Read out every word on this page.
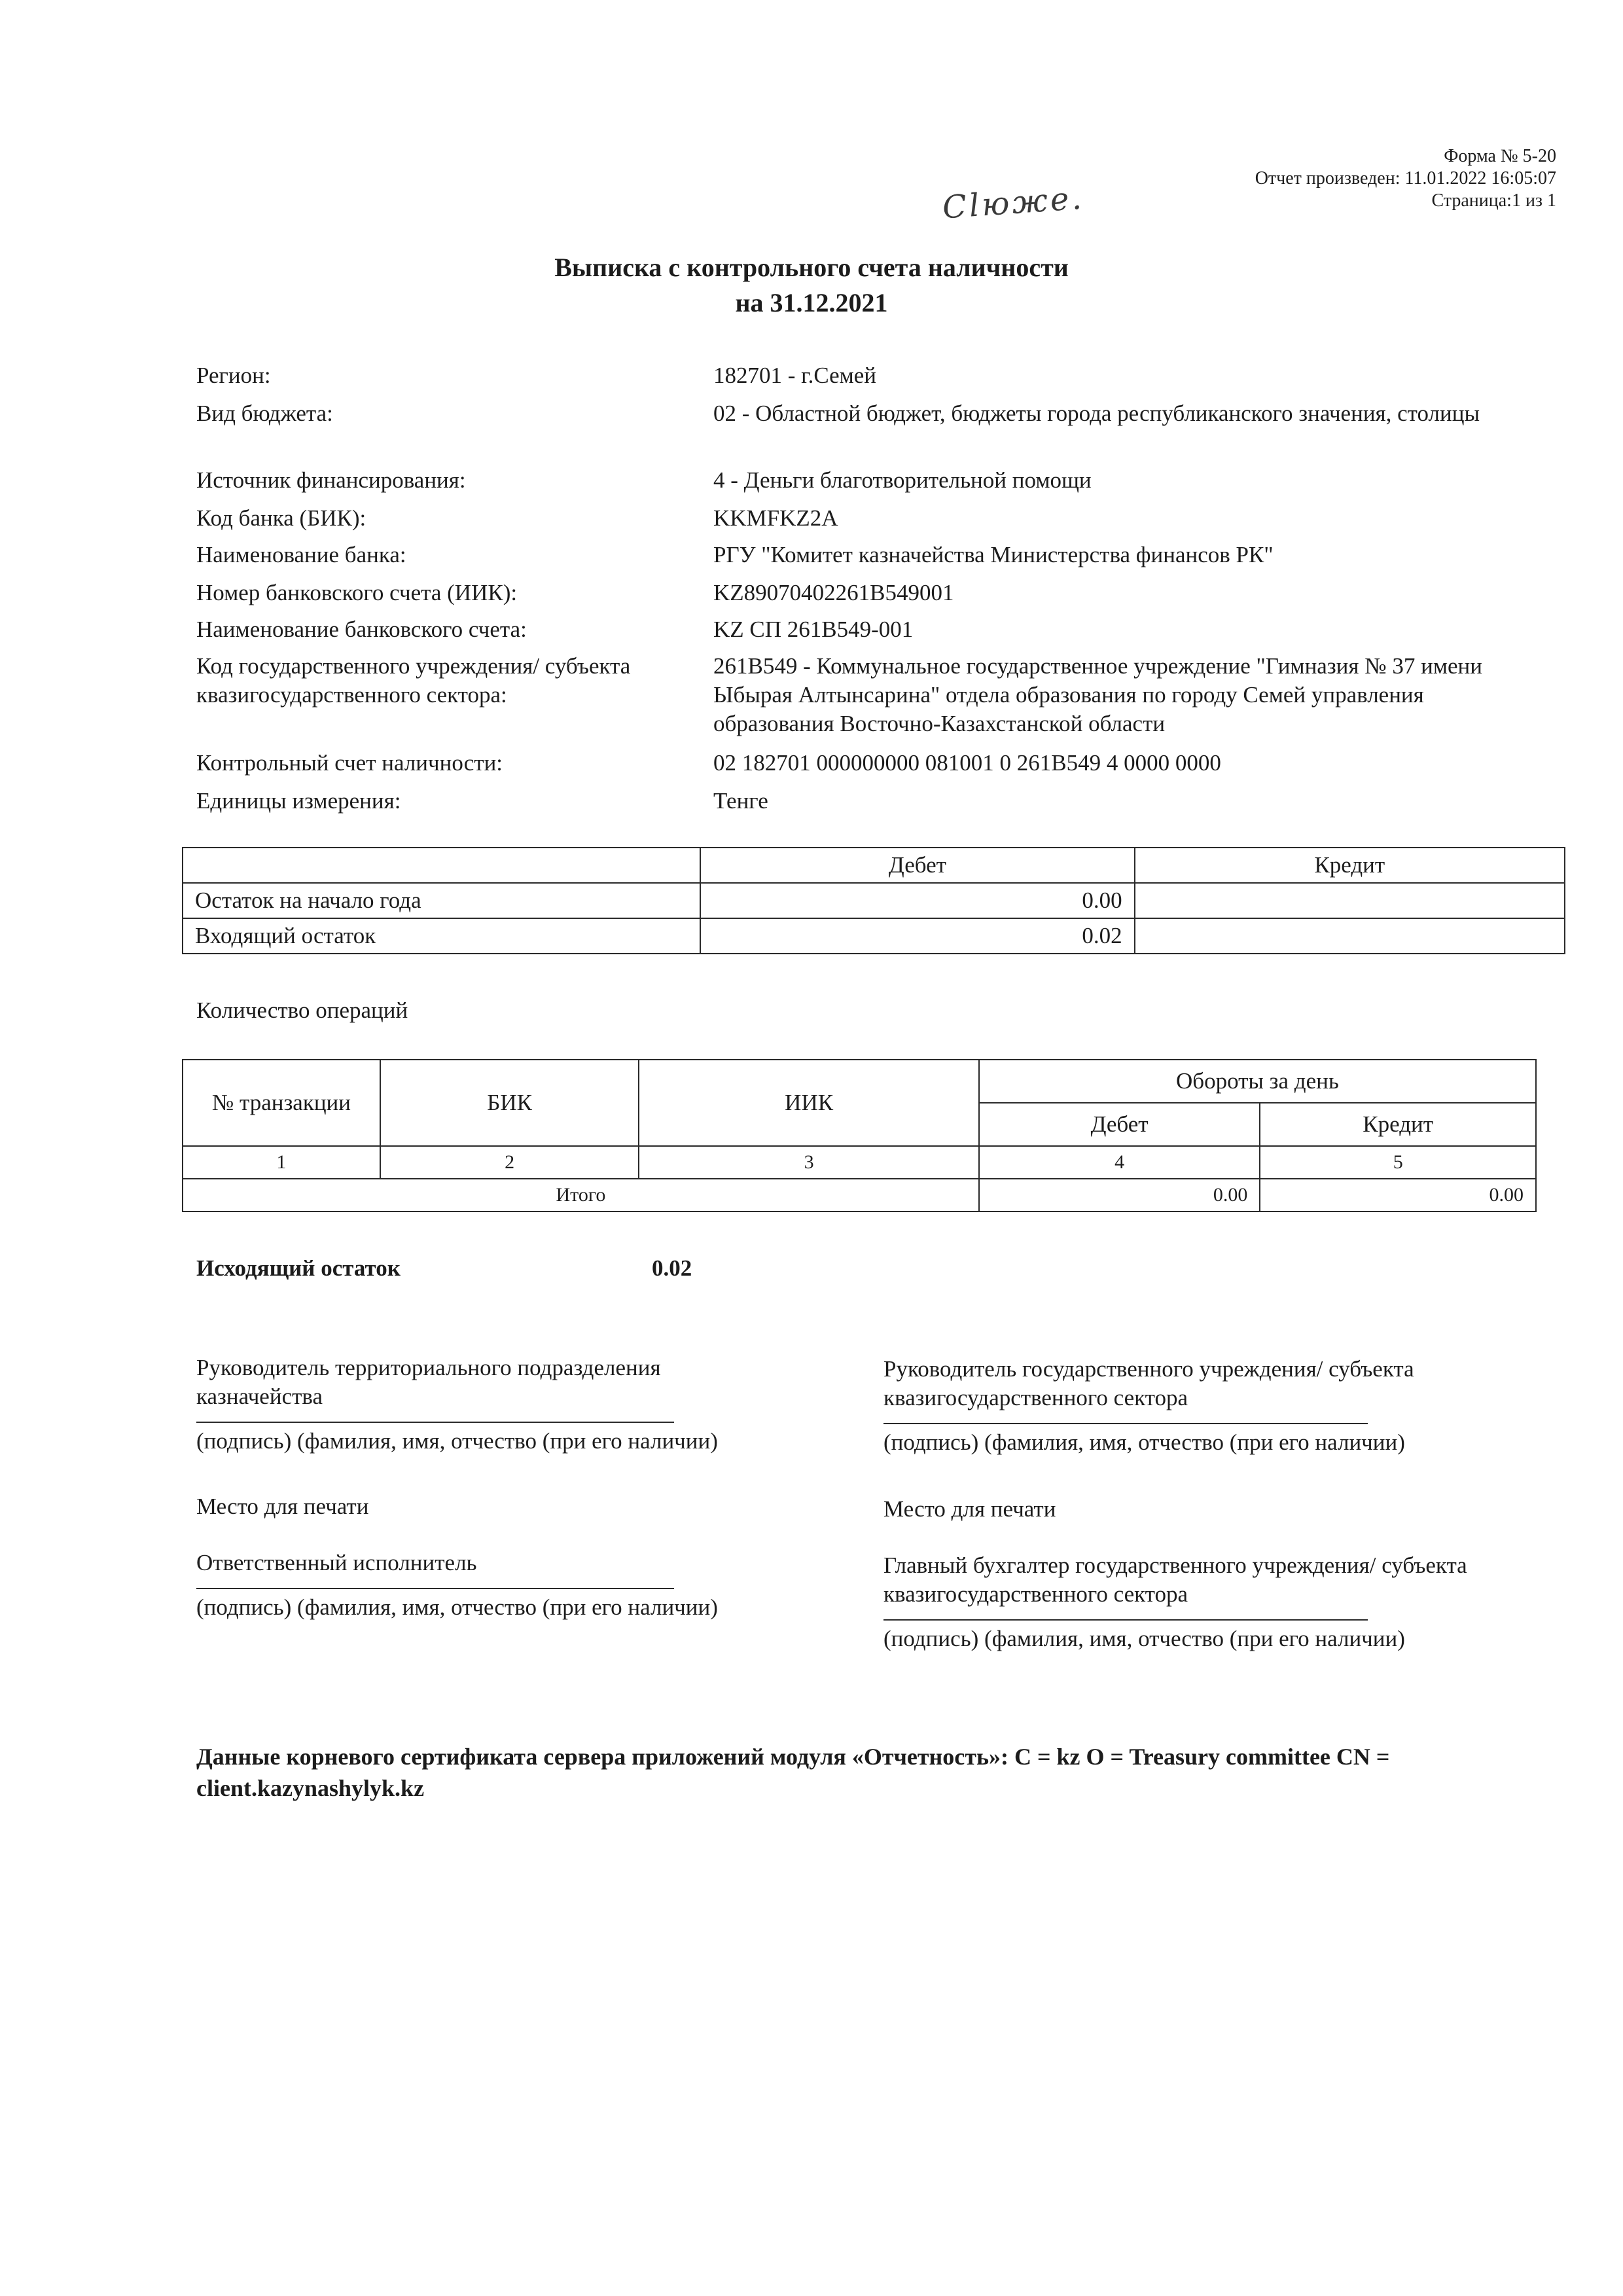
Форма № 5-20
Отчет произведен: 11.01.2022 16:05:07
Страница:1 из 1
Сlюже.
Выписка с контрольного счета наличности
на 31.12.2021
Регион:	182701 - г.Семей
Вид бюджета:	02 - Областной бюджет, бюджеты города республиканского значения, столицы
Источник финансирования:	4 - Деньги благотворительной помощи
Код банка (БИК):	KKMFKZ2A
Наименование банка:	РГУ "Комитет казначейства Министерства финансов РК"
Номер банковского счета (ИИК):	KZ89070402261B549001
Наименование банковского счета:	KZ СП 261B549-001
Код государственного учреждения/ субъекта квазигосударственного сектора:
261B549 - Коммунальное государственное учреждение "Гимназия № 37 имени Ыбырая Алтынсарина" отдела образования по городу Семей управления образования Восточно-Казахстанской области
Контрольный счет наличности:	02 182701 000000000 081001 0 261B549 4 0000 0000
Единицы измерения:	Тенге
	Дебет	Кредит
Остаток на начало года	0.00	
Входящий остаток	0.02	
Количество операций
№ транзакции	БИК	ИИК	Обороты за день	
			Дебет	Кредит
1	2	3	4	5
Итого			0.00	0.00
Исходящий остаток	0.02
Руководитель территориального подразделения казначейства
(подпись) (фамилия, имя, отчество (при его наличии)
Место для печати
Ответственный исполнитель
(подпись) (фамилия, имя, отчество (при его наличии)
Руководитель государственного учреждения/ субъекта квазигосударственного сектора
(подпись) (фамилия, имя, отчество (при его наличии)
Место для печати
Главный бухгалтер государственного учреждения/ субъекта квазигосударственного сектора
(подпись) (фамилия, имя, отчество (при его наличии)
Данные корневого сертификата сервера приложений модуля «Отчетность»: C = kz O = Treasury committee CN = client.kazynashylyk.kz
